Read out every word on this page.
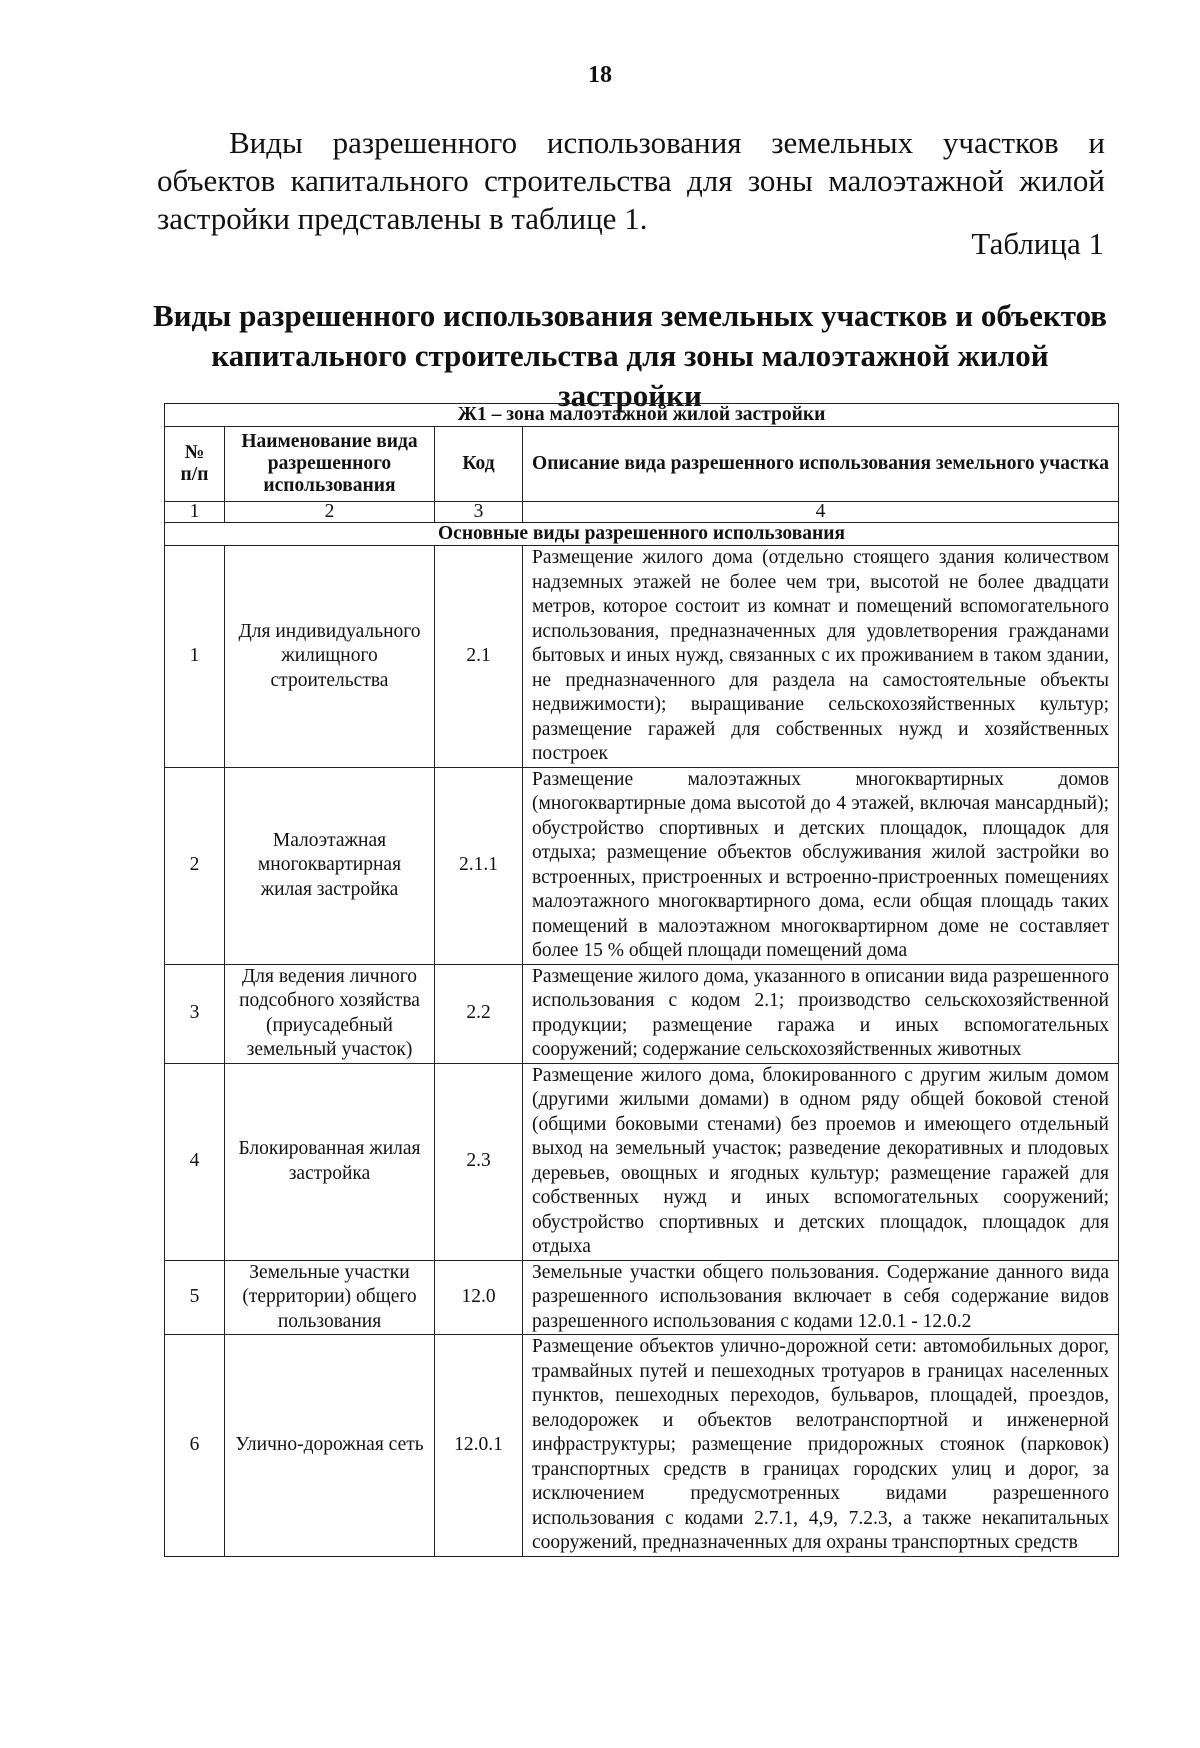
18

Виды разрешенного использования земельных участков и объектов капитального строительства для зоны малоэтажной жилой застройки представлены в таблице 1.

Таблица 1
Виды разрешенного использования земельных участков и объектов
капитального строительства для зоны малоэтажной жилой застройки
Ж1 – зона малоэтажной жилой застройки			
№ п/п	Наименование вида разрешенного использования	Код	Описание вида разрешенного использования земельного участка
1	2	3	4
Основные виды разрешенного использования			
1	Для индивидуального жилищного строительства	2.1	Размещение жилого дома (отдельно стоящего здания количеством надземных этажей не более чем три, высотой не более двадцати метров, которое состоит из комнат и помещений вспомогательного использования, предназначенных для удовлетворения гражданами бытовых и иных нужд, связанных с их проживанием в таком здании, не предназначенного для раздела на самостоятельные объекты недвижимости); выращивание сельскохозяйственных культур; размещение гаражей для собственных нужд и хозяйственных построек
2	Малоэтажная многоквартирная жилая застройка	2.1.1	Размещение малоэтажных многоквартирных домов (многоквартирные дома высотой до 4 этажей, включая мансардный); обустройство спортивных и детских площадок, площадок для отдыха; размещение объектов обслуживания жилой застройки во встроенных, пристроенных и встроенно-пристроенных помещениях малоэтажного многоквартирного дома, если общая площадь таких помещений в малоэтажном многоквартирном доме не составляет более 15 % общей площади помещений дома
3	Для ведения личного подсобного хозяйства (приусадебный земельный участок)	2.2	Размещение жилого дома, указанного в описании вида разрешенного использования с кодом 2.1; производство сельскохозяйственной продукции; размещение гаража и иных вспомогательных сооружений; содержание сельскохозяйственных животных
4	Блокированная жилая застройка	2.3	Размещение жилого дома, блокированного с другим жилым домом (другими жилыми домами) в одном ряду общей боковой стеной (общими боковыми стенами) без проемов и имеющего отдельный выход на земельный участок; разведение декоративных и плодовых деревьев, овощных и ягодных культур; размещение гаражей для собственных нужд и иных вспомогательных сооружений; обустройство спортивных и детских площадок, площадок для отдыха
5	Земельные участки (территории) общего пользования	12.0	Земельные участки общего пользования. Содержание данного вида разрешенного использования включает в себя содержание видов разрешенного использования с кодами 12.0.1 - 12.0.2
6	Улично-дорожная сеть	12.0.1	Размещение объектов улично-дорожной сети: автомобильных дорог, трамвайных путей и пешеходных тротуаров в границах населенных пунктов, пешеходных переходов, бульваров, площадей, проездов, велодорожек и объектов велотранспортной и инженерной инфраструктуры; размещение придорожных стоянок (парковок) транспортных средств в границах городских улиц и дорог, за исключением предусмотренных видами разрешенного использования с кодами 2.7.1, 4,9, 7.2.3, а также некапитальных сооружений, предназначенных для охраны транспортных средств
